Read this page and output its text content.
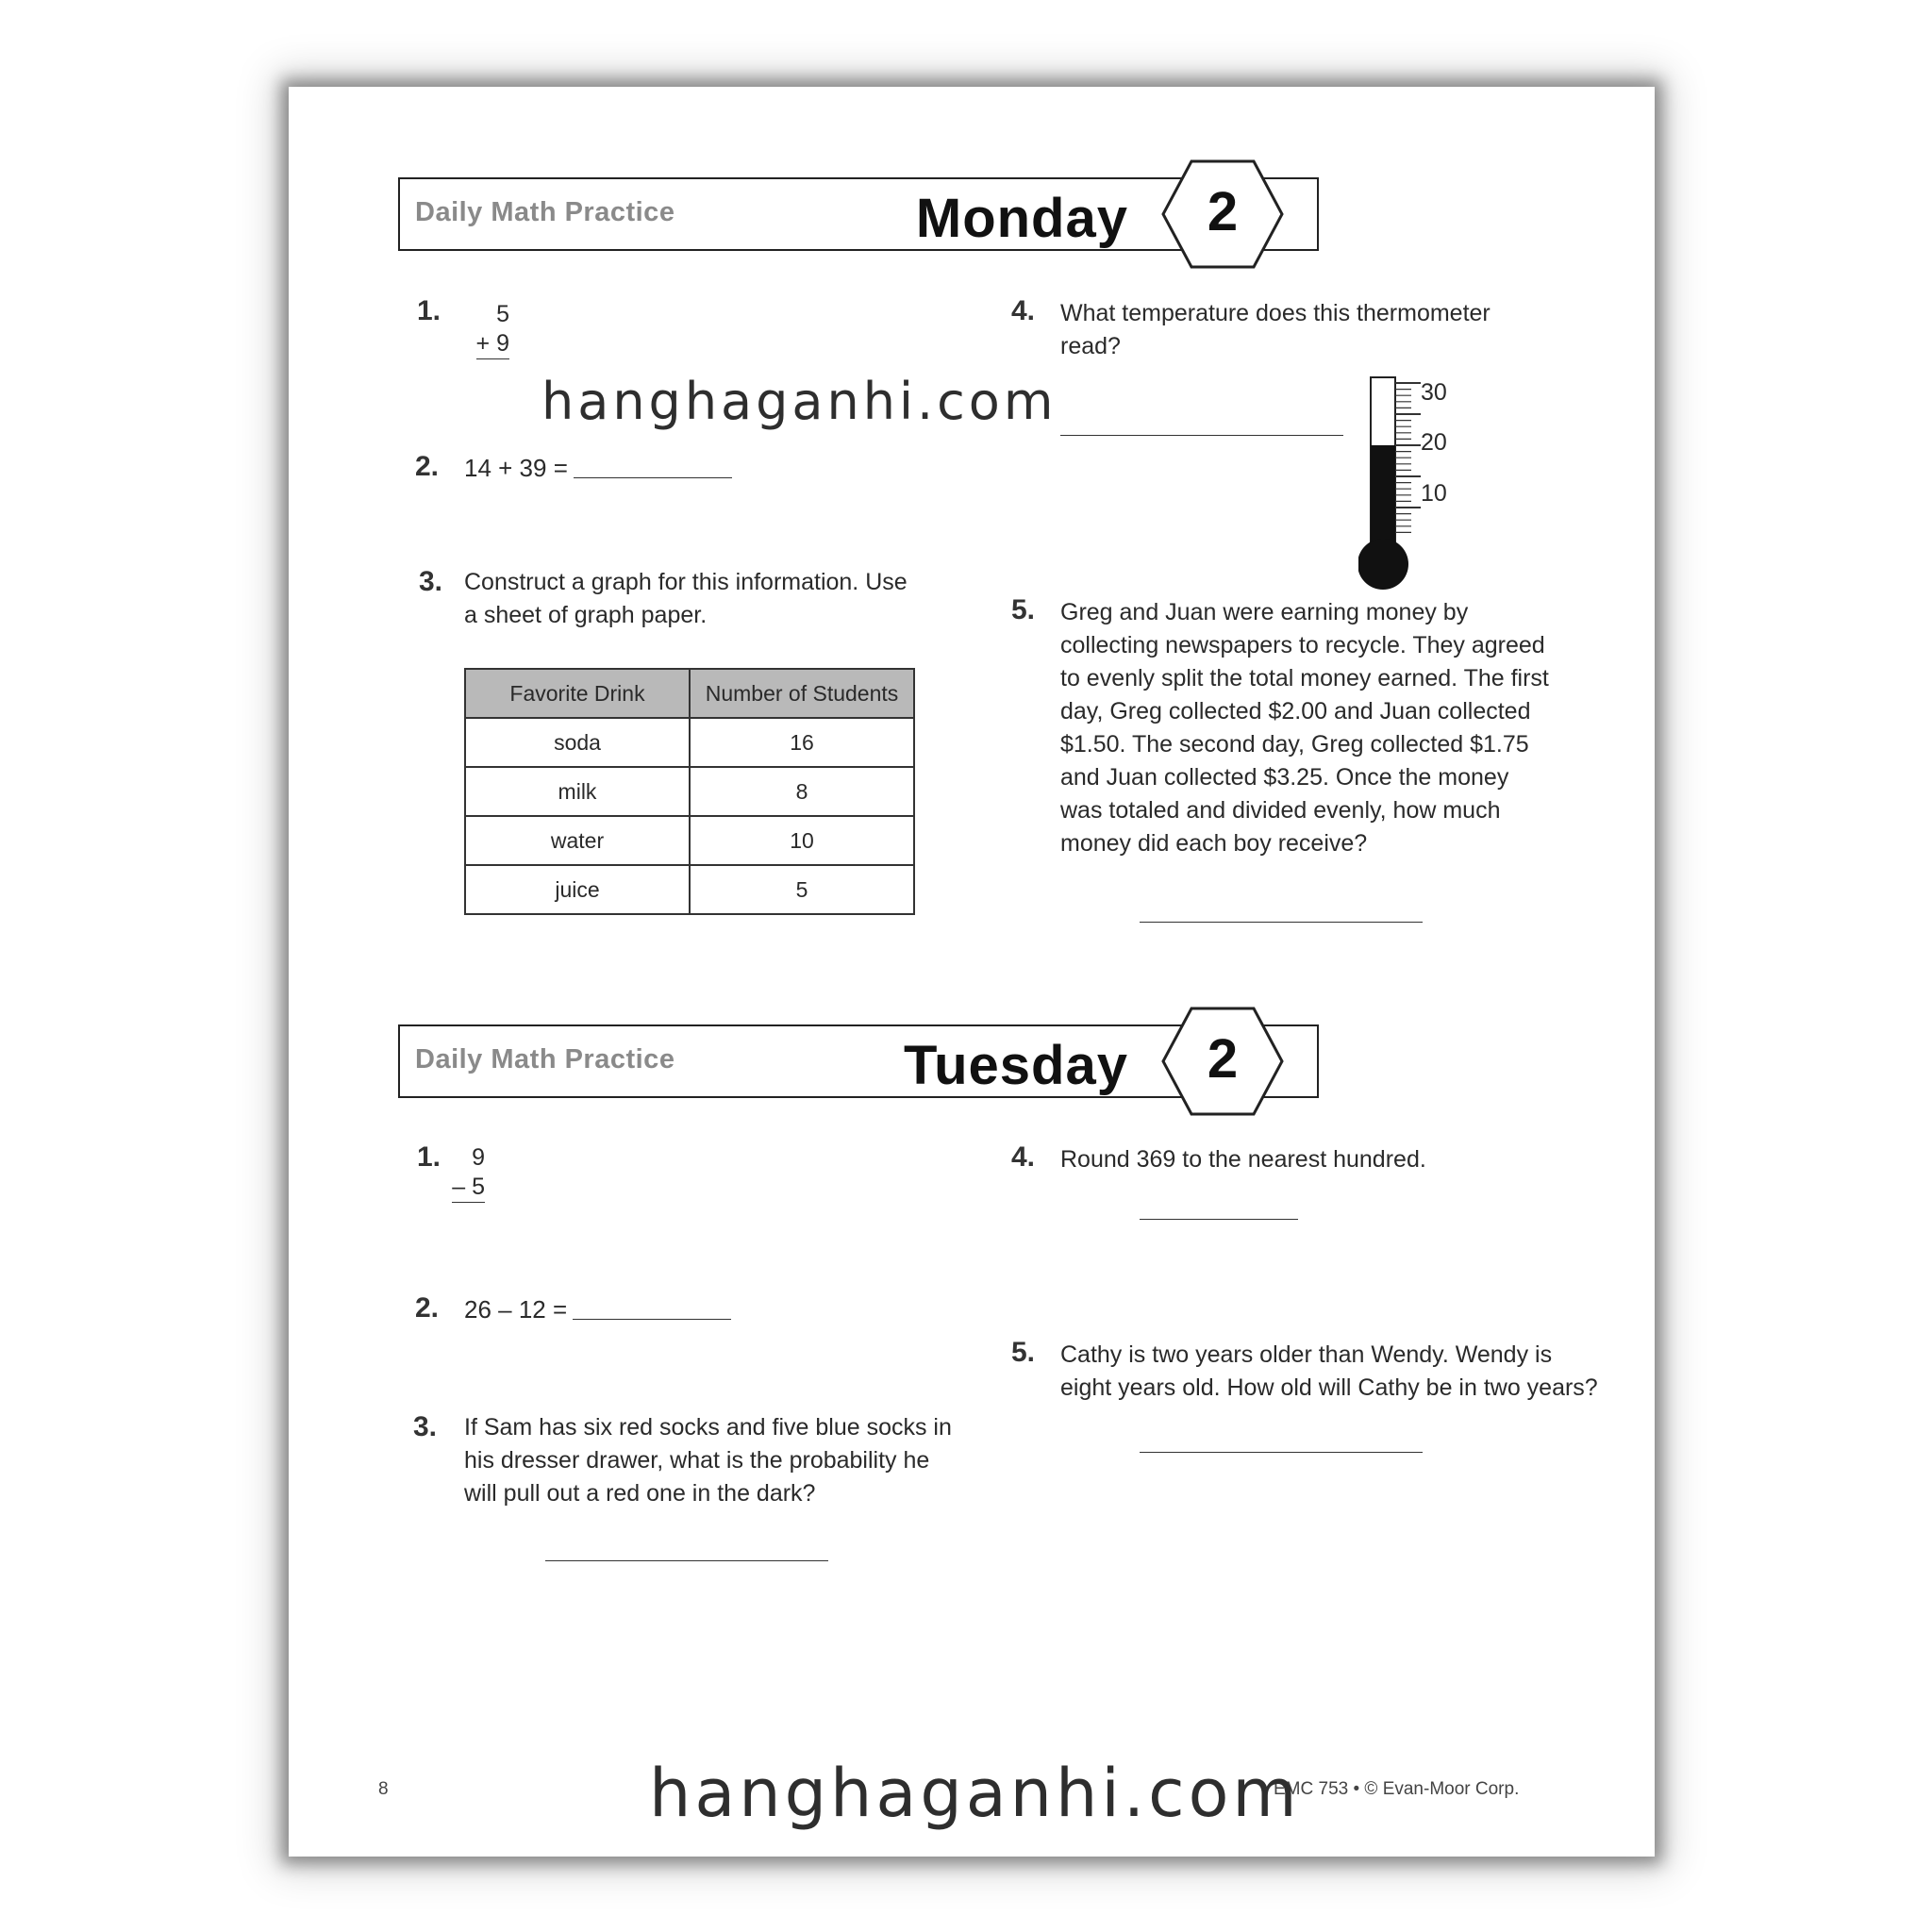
Daily Math Practice	Monday	2
1.	5
+ 9
2. 14 + 39 =
3. Construct a graph for this information. Use a sheet of graph paper.
Favorite Drink	Number of Students
soda	16
milk	8
water	10
juice	5
4. What temperature does this thermometer read?
30
20
10
5. Greg and Juan were earning money by collecting newspapers to recycle. They agreed to evenly split the total money earned. The first day, Greg collected $2.00 and Juan collected $1.50. The second day, Greg collected $1.75 and Juan collected $3.25. Once the money was totaled and divided evenly, how much money did each boy receive?
Daily Math Practice	Tuesday	2
1.	9
– 5
2. 26 – 12 =
3. If Sam has six red socks and five blue socks in his dresser drawer, what is the probability he will pull out a red one in the dark?
4. Round 369 to the nearest hundred.
5. Cathy is two years older than Wendy. Wendy is eight years old. How old will Cathy be in two years?
8	EMC 753 • © Evan-Moor Corp.
hanghaganhi.com
hanghaganhi.com
